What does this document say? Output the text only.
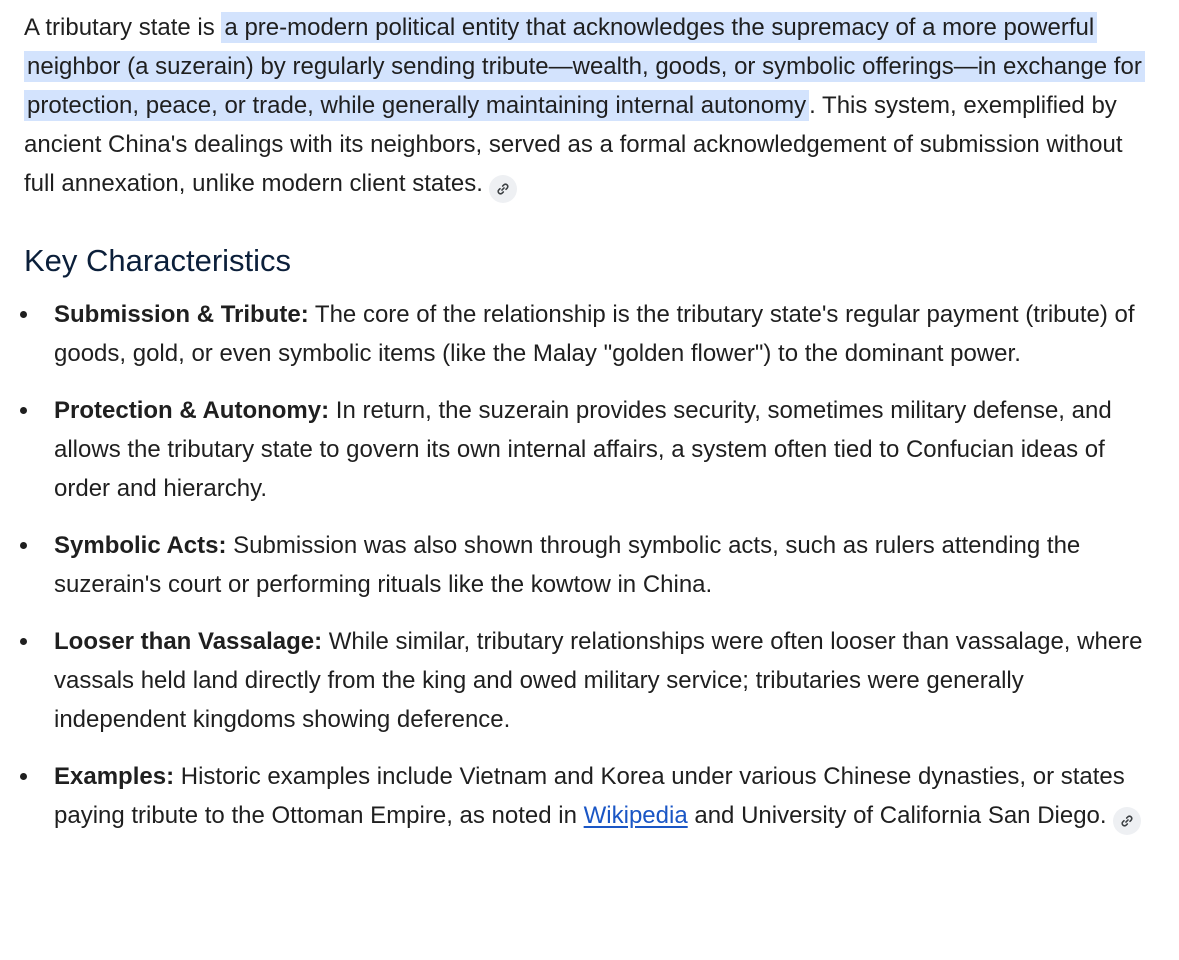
A tributary state is a pre-modern political entity that acknowledges the supremacy of a more powerful neighbor (a suzerain) by regularly sending tribute—wealth, goods, or symbolic offerings—in exchange for protection, peace, or trade, while generally maintaining internal autonomy . This system, exemplified by ancient China's dealings with its neighbors, served as a formal acknowledgement of submission without full annexation, unlike modern client states.

Key Characteristics
Submission & Tribute: The core of the relationship is the tributary state's regular payment (tribute) of goods, gold, or even symbolic items (like the Malay "golden flower") to the dominant power.
Protection & Autonomy: In return, the suzerain provides security, sometimes military defense, and allows the tributary state to govern its own internal affairs, a system often tied to Confucian ideas of order and hierarchy.
Symbolic Acts: Submission was also shown through symbolic acts, such as rulers attending the suzerain's court or performing rituals like the kowtow in China.
Looser than Vassalage: While similar, tributary relationships were often looser than vassalage, where vassals held land directly from the king and owed military service; tributaries were generally independent kingdoms showing deference.
Examples: Historic examples include Vietnam and Korea under various Chinese dynasties, or states paying tribute to the Ottoman Empire, as noted in Wikipedia and University of California San Diego.
